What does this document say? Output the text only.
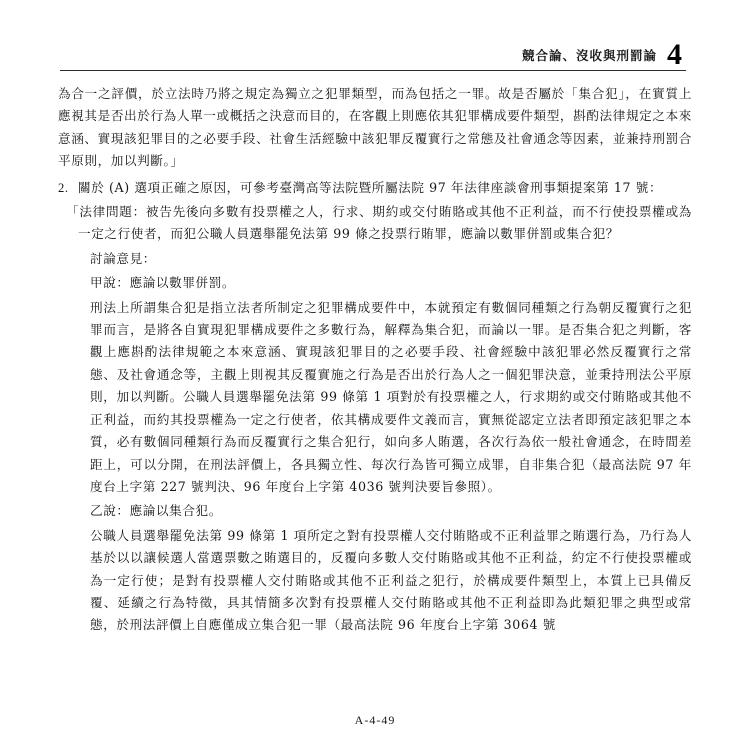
競合論、沒收與刑罰論 4

為合一之評價，於立法時乃將之規定為獨立之犯罪類型，而為包括之一罪。故是否屬於「集合犯」，在實質上應視其是否出於行為人單一或概括之決意而目的，在客觀上則應依其犯罪構成要件類型，斟酌法律規定之本來意涵、實現該犯罪目的之必要手段、社會生活經驗中該犯罪反覆實行之常態及社會通念等因素，並兼持刑罰合平原則，加以判斷。」

2. 關於 (A) 選項正確之原因，可參考臺灣高等法院暨所屬法院 97 年法律座談會刑事類提案第 17 號：

「法律問題：被告先後向多數有投票權之人，行求、期約或交付賄賂或其他不正利益，而不行使投票權或為一定之行使者，而犯公職人員選舉罷免法第 99 條之投票行賄罪，應論以數罪併罰或集合犯？

討論意見：

甲說：應論以數罪併罰。

刑法上所謂集合犯是指立法者所制定之犯罪構成要件中，本就預定有數個同種類之行為朝反覆實行之犯罪而言，是將各自實現犯罪構成要件之多數行為，解釋為集合犯，而論以一罪。是否集合犯之判斷，客觀上應斟酌法律規範之本來意涵、實現該犯罪目的之必要手段、社會經驗中該犯罪必然反覆實行之常態、及社會通念等，主觀上則視其反覆實施之行為是否出於行為人之一個犯罪決意，並秉持刑法公平原則，加以判斷。公職人員選舉罷免法第 99 條第 1 項對於有投票權之人，行求期約或交付賄賂或其他不正利益，而約其投票權為一定之行使者，依其構成要件文義而言，實無從認定立法者即預定該犯罪之本質，必有數個同種類行為而反覆實行之集合犯行，如向多人賄選，各次行為依一般社會通念，在時間差距上，可以分開，在刑法評價上，各具獨立性、每次行為皆可獨立成罪，自非集合犯（最高法院 97 年度台上字第 227 號判決、96 年度台上字第 4036 號判決要旨參照）。

乙說：應論以集合犯。

公職人員選舉罷免法第 99 條第 1 項所定之對有投票權人交付賄賂或不正利益罪之賄選行為，乃行為人基於以以讓候選人當選票數之賄選目的，反覆向多數人交付賄賂或其他不正利益，約定不行使投票權或為一定行使；是對有投票權人交付賄賂或其他不正利益之犯行，於構成要件類型上，本質上已具備反覆、延續之行為特徵，具其情簡多次對有投票權人交付賄賂或其他不正利益即為此類犯罪之典型或常態，於刑法評價上自應僅成立集合犯一罪（最高法院 96 年度台上字第 3064 號

A-4-49
